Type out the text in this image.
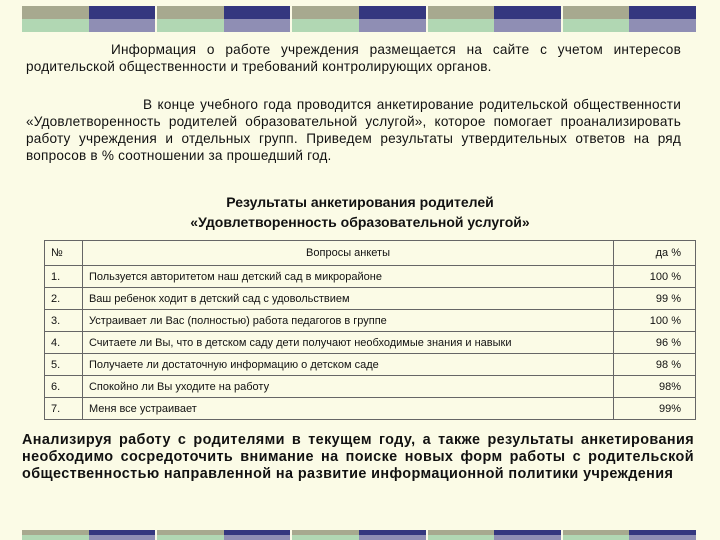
Информация о работе учреждения размещается на сайте с учетом интересов родительской общественности и требований контролирующих органов.
В конце учебного года проводится анкетирование родительской общественности «Удовлетворенность родителей образовательной услугой», которое помогает проанализировать работу учреждения и отдельных групп. Приведем результаты утвердительных ответов на ряд вопросов в % соотношении за прошедший год.
Результаты анкетирования родителей
«Удовлетворенность образовательной услугой»
№	Вопросы анкеты	да %
1.	Пользуется авторитетом наш детский сад в микрорайоне	100 %
2.	Ваш ребенок ходит в детский сад с удовольствием	99 %
3.	Устраивает ли Вас (полностью) работа педагогов в группе	100 %
4.	Считаете ли Вы, что в детском саду дети получают необходимые знания и навыки	96 %
5.	Получаете ли достаточную информацию о детском саде	98 %
6.	Спокойно ли Вы уходите на работу	98%
7.	Меня все устраивает	99%
Анализируя работу с родителями в текущем году, а также результаты анкетирования необходимо сосредоточить внимание на поиске новых форм работы с родительской общественностью направленной на развитие информационной политики учреждения
